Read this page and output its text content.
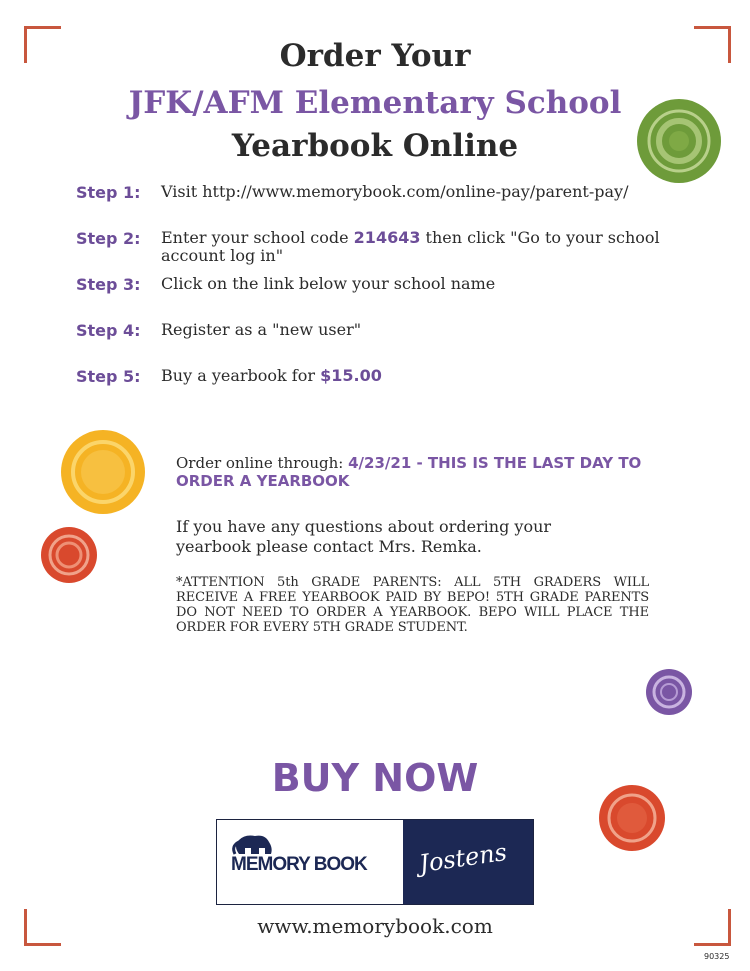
Order Your
JFK/AFM Elementary School
Yearbook Online
Step 1: Visit http://www.memorybook.com/online-pay/parent-pay/
Step 2: Enter your school code 214643 then click "Go to your school account log in"
Step 3: Click on the link below your school name
Step 4: Register as a "new user"
Step 5: Buy a yearbook for $15.00
Order online through: 4/23/21 - THIS IS THE LAST DAY TO ORDER A YEARBOOK
If you have any questions about ordering your yearbook please contact Mrs. Remka.
*ATTENTION 5th GRADE PARENTS: ALL 5TH GRADERS WILL RECEIVE A FREE YEARBOOK PAID BY BEPO! 5TH GRADE PARENTS DO NOT NEED TO ORDER A YEARBOOK. BEPO WILL PLACE THE ORDER FOR EVERY 5TH GRADE STUDENT.
BUY NOW
MEMORY BOOK Jostens
www.memorybook.com
90325
